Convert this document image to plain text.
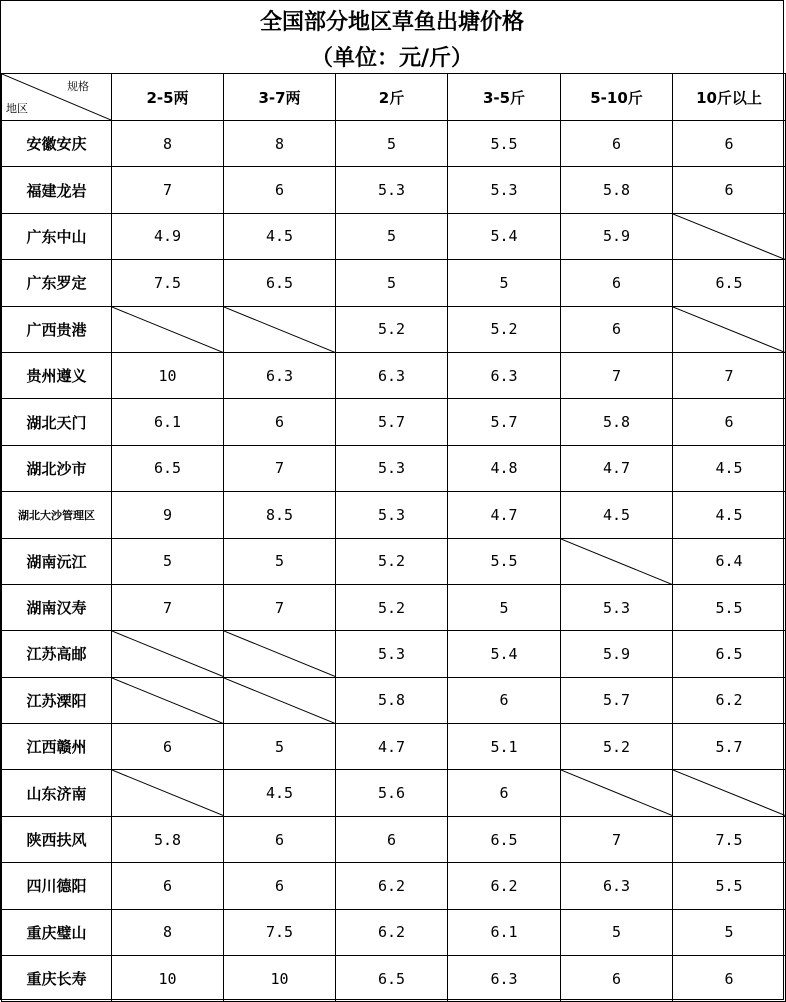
全国部分地区草鱼出塘价格
（单位：元/斤）
规格
地区	2-5两	3-7两	2斤	3-5斤	5-10斤	10斤以上
安徽安庆	8	8	5	5.5	6	6
福建龙岩	7	6	5.3	5.3	5.8	6
广东中山	4.9	4.5	5	5.4	5.9	

广东罗定	7.5	6.5	5	5	6	6.5
广西贵港			5.2	5.2	6	

贵州遵义	10	6.3	6.3	6.3	7	7
湖北天门	6.1	6	5.7	5.7	5.8	6
湖北沙市	6.5	7	5.3	4.8	4.7	4.5
湖北大沙管理区	9	8.5	5.3	4.7	4.5	4.5
湖南沅江	5	5	5.2	5.5		6.4
湖南汉寿	7	7	5.2	5	5.3	5.5
江苏高邮			5.3	5.4	5.9	6.5
江苏溧阳			5.8	6	5.7	6.2
江西赣州	6	5	4.7	5.1	5.2	5.7
山东济南		4.5	5.6	6	

陕西扶风	5.8	6	6	6.5	7	7.5
四川德阳	6	6	6.2	6.2	6.3	5.5
重庆璧山	8	7.5	6.2	6.1	5	5
重庆长寿	10	10	6.5	6.3	6	6
